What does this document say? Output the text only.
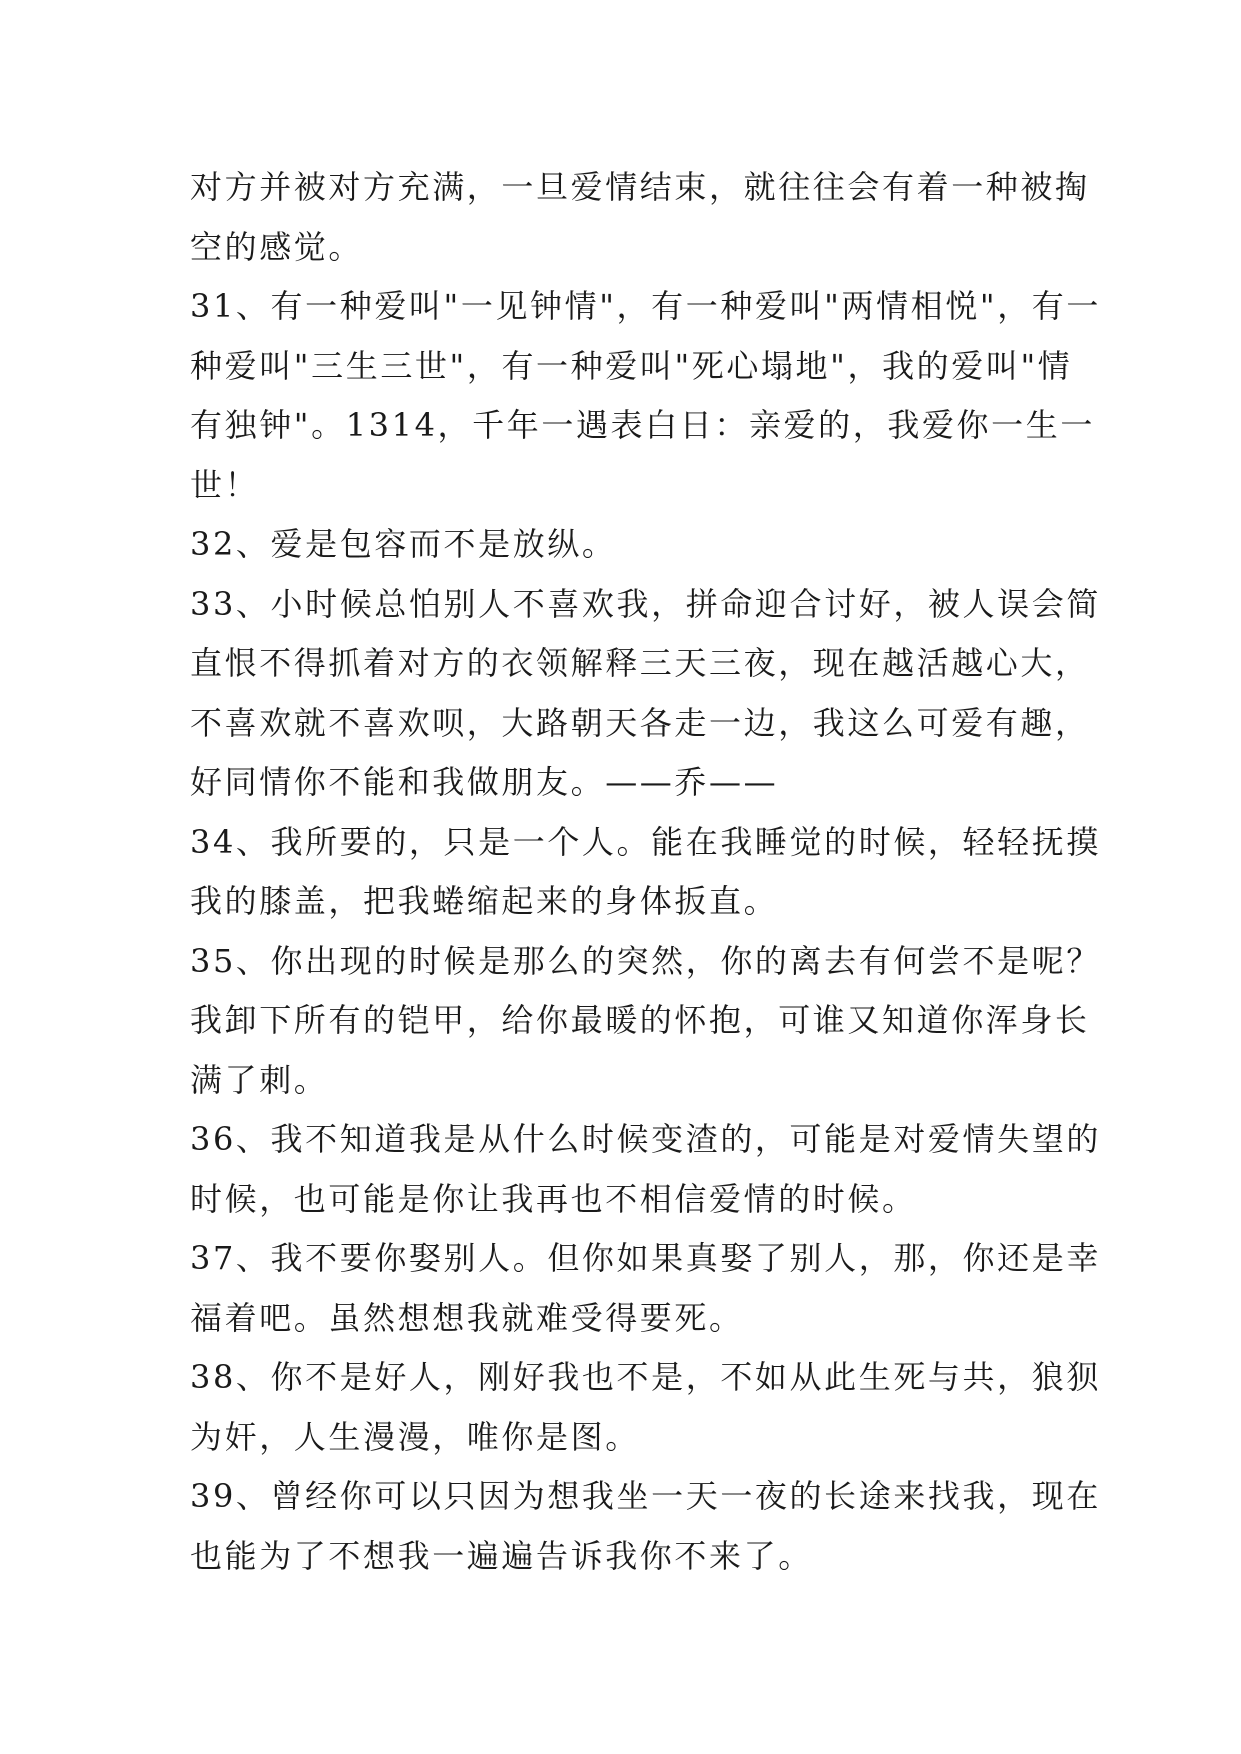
对方并被对方充满，一旦爱情结束，就往往会有着一种被掏
空的感觉。
31、有一种爱叫"一见钟情"，有一种爱叫"两情相悦"，有一
种爱叫"三生三世"，有一种爱叫"死心塌地"，我的爱叫"情
有独钟"。1314，千年一遇表白日：亲爱的，我爱你一生一
世！
32、爱是包容而不是放纵。
33、小时候总怕别人不喜欢我，拼命迎合讨好，被人误会简
直恨不得抓着对方的衣领解释三天三夜，现在越活越心大，
不喜欢就不喜欢呗，大路朝天各走一边，我这么可爱有趣，
好同情你不能和我做朋友。——乔——
34、我所要的，只是一个人。能在我睡觉的时候，轻轻抚摸
我的膝盖，把我蜷缩起来的身体扳直。
35、你出现的时候是那么的突然，你的离去有何尝不是呢？
我卸下所有的铠甲，给你最暖的怀抱，可谁又知道你浑身长
满了刺。
36、我不知道我是从什么时候变渣的，可能是对爱情失望的
时候，也可能是你让我再也不相信爱情的时候。
37、我不要你娶别人。但你如果真娶了别人，那，你还是幸
福着吧。虽然想想我就难受得要死。
38、你不是好人，刚好我也不是，不如从此生死与共，狼狈
为奸，人生漫漫，唯你是图。
39、曾经你可以只因为想我坐一天一夜的长途来找我，现在
也能为了不想我一遍遍告诉我你不来了。
